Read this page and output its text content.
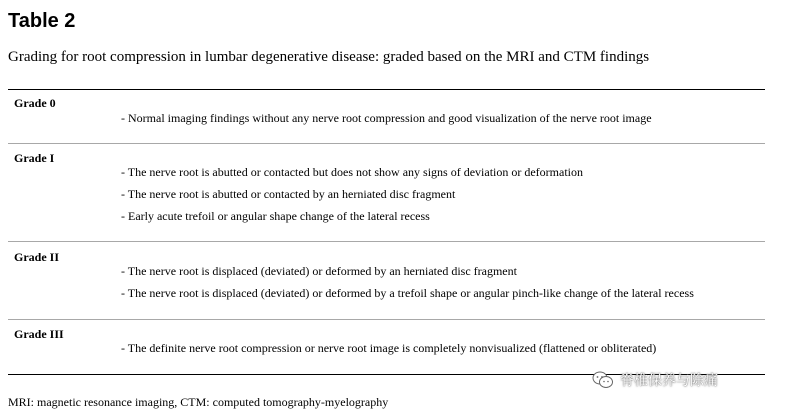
Table 2
Grading for root compression in lumbar degenerative disease: graded based on the MRI and CTM findings
Grade 0
- Normal imaging findings without any nerve root compression and good visualization of the nerve root image
Grade I
- The nerve root is abutted or contacted but does not show any signs of deviation or deformation
- The nerve root is abutted or contacted by an herniated disc fragment
- Early acute trefoil or angular shape change of the lateral recess
Grade II
- The nerve root is displaced (deviated) or deformed by an herniated disc fragment
- The nerve root is displaced (deviated) or deformed by a trefoil shape or angular pinch-like change of the lateral recess
Grade III
- The definite nerve root compression or nerve root image is completely nonvisualized (flattened or obliterated)
MRI: magnetic resonance imaging, CTM: computed tomography-myelography
脊椎保养与除痛
